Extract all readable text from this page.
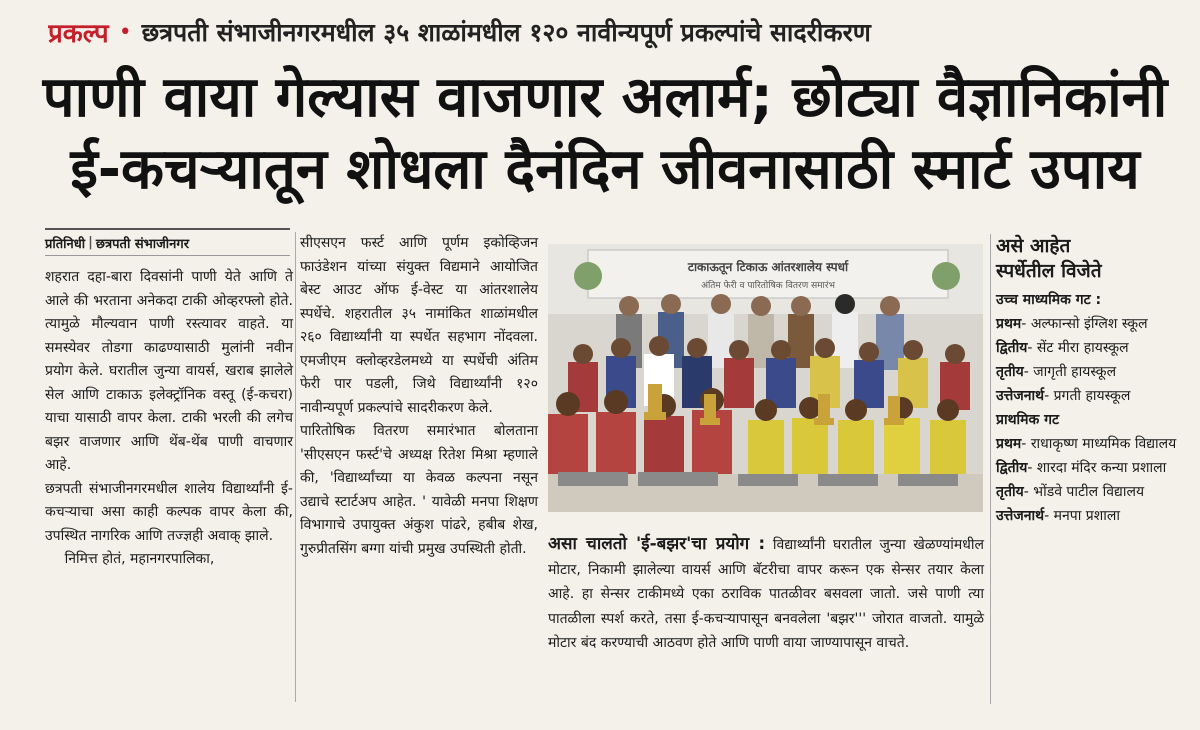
प्रकल्प • छत्रपती संभाजीनगरमधील ३५ शाळांमधील १२० नावीन्यपूर्ण प्रकल्पांचे सादरीकरण
पाणी वाया गेल्यास वाजणार अलार्म; छोट्या वैज्ञानिकांनी
ई-कचऱ्यातून शोधला दैनंदिन जीवनासाठी स्मार्ट उपाय
प्रतिनिधी | छत्रपती संभाजीनगर

शहरात दहा-बारा दिवसांनी पाणी येते आणि ते आले की भरताना अनेकदा टाकी ओव्हरफ्लो होते. त्यामुळे मौल्यवान पाणी रस्त्यावर वाहते. या समस्येवर तोडगा काढण्यासाठी मुलांनी नवीन प्रयोग केले. घरातील जुन्या वायर्स, खराब झालेले सेल आणि टाकाऊ इलेक्ट्रॉनिक वस्तू (ई-कचरा) याचा यासाठी वापर केला. टाकी भरली की लगेच बझर वाजणार आणि थेंब-थेंब पाणी वाचणार आहे.

छत्रपती संभाजीनगरमधील शालेय विद्यार्थ्यांनी ई-कचऱ्याचा असा काही कल्पक वापर केला की, उपस्थित नागरिक आणि तज्ज्ञही अवाक् झाले.

निमित्त होतं, महानगरपालिका,

सीएसएन फर्स्ट आणि पूर्णम इकोव्हिजन फाउंडेशन यांच्या संयुक्त विद्यमाने आयोजित बेस्ट आउट ऑफ ई-वेस्ट या आंतरशालेय स्पर्धेचे. शहरातील ३५ नामांकित शाळांमधील २६० विद्यार्थ्यांनी या स्पर्धेत सहभाग नोंदवला. एमजीएम क्लोव्हरडेलमध्ये या स्पर्धेची अंतिम फेरी पार पडली, जिथे विद्यार्थ्यांनी १२० नावीन्यपूर्ण प्रकल्पांचे सादरीकरण केले.

पारितोषिक वितरण समारंभात बोलताना 'सीएसएन फर्स्ट'चे अध्यक्ष रितेश मिश्रा म्हणाले की, 'विद्यार्थ्यांच्या या केवळ कल्पना नसून उद्याचे स्टार्टअप आहेत. ' यावेळी मनपा शिक्षण विभागाचे उपायुक्त अंकुश पांढरे, हबीब शेख, गुरुप्रीतसिंग बग्गा यांची प्रमुख उपस्थिती होती.

टाकाऊतून टिकाऊ आंतरशालेय स्पर्धा
अंतिम फेरी व पारितोषिक वितरण समारंभ
असा चालतो 'ई-बझर'चा प्रयोग : विद्यार्थ्यांनी घरातील जुन्या खेळण्यांमधील मोटार, निकामी झालेल्या वायर्स आणि बॅटरीचा वापर करून एक सेन्सर तयार केला आहे. हा सेन्सर टाकीमध्ये एका ठराविक पातळीवर बसवला जातो. जसे पाणी त्या पातळीला स्पर्श करते, तसा ई-कचऱ्यापासून बनवलेला 'बझर''' जोरात वाजतो. यामुळे मोटार बंद करण्याची आठवण होते आणि पाणी वाया जाण्यापासून वाचते.
असे आहेत
स्पर्धेतील विजेते
उच्च माध्यमिक गट :
प्रथम- अल्फान्सो इंग्लिश स्कूल
द्वितीय- सेंट मीरा हायस्कूल
तृतीय- जागृती हायस्कूल
उत्तेजनार्थ- प्रगती हायस्कूल
प्राथमिक गट
प्रथम- राधाकृष्ण माध्यमिक विद्यालय
द्वितीय- शारदा मंदिर कन्या प्रशाला
तृतीय- भोंडवे पाटील विद्यालय
उत्तेजनार्थ- मनपा प्रशाला
